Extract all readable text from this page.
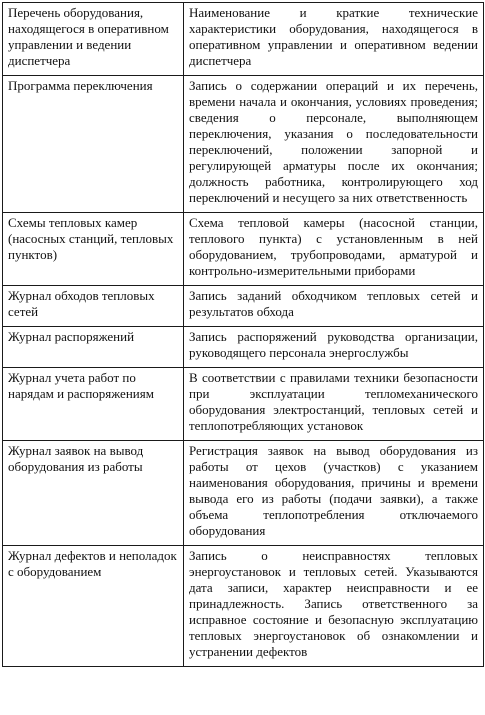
Перечень оборудования, находящегося в оперативном управлении и ведении диспетчера	Наименование и краткие технические характеристики оборудования, находящегося в оперативном управлении и оперативном ведении диспетчера
Программа переключения	Запись о содержании операций и их перечень, времени начала и окончания, условиях проведения; сведения о персонале, выполняющем переключения, указания о последовательности переключений, положении запорной и регулирующей арматуры после их окончания; должность работника, контролирующего ход переключений и несущего за них ответственность
Схемы тепловых камер (насосных станций, тепловых пунктов)	Схема тепловой камеры (насосной станции, теплового пункта) с установленным в ней оборудованием, трубопроводами, арматурой и контрольно-измерительными приборами
Журнал обходов тепловых сетей	Запись заданий обходчиком тепловых сетей и результатов обхода
Журнал распоряжений	Запись распоряжений руководства организации, руководящего персонала энергослужбы
Журнал учета работ по нарядам и распоряжениям	В соответствии с правилами техники безопасности при эксплуатации тепломеханического оборудования электростанций, тепловых сетей и теплопотребляющих установок
Журнал заявок на вывод оборудования из работы	Регистрация заявок на вывод оборудования из работы от цехов (участков) с указанием наименования оборудования, причины и времени вывода его из работы (подачи заявки), а также объема теплопотребления отключаемого оборудования
Журнал дефектов и неполадок с оборудованием	Запись о неисправностях тепловых энергоустановок и тепловых сетей. Указываются дата записи, характер неисправности и ее принадлежность. Запись ответственного за исправное состояние и безопасную эксплуатацию тепловых энергоустановок об ознакомлении и устранении дефектов
